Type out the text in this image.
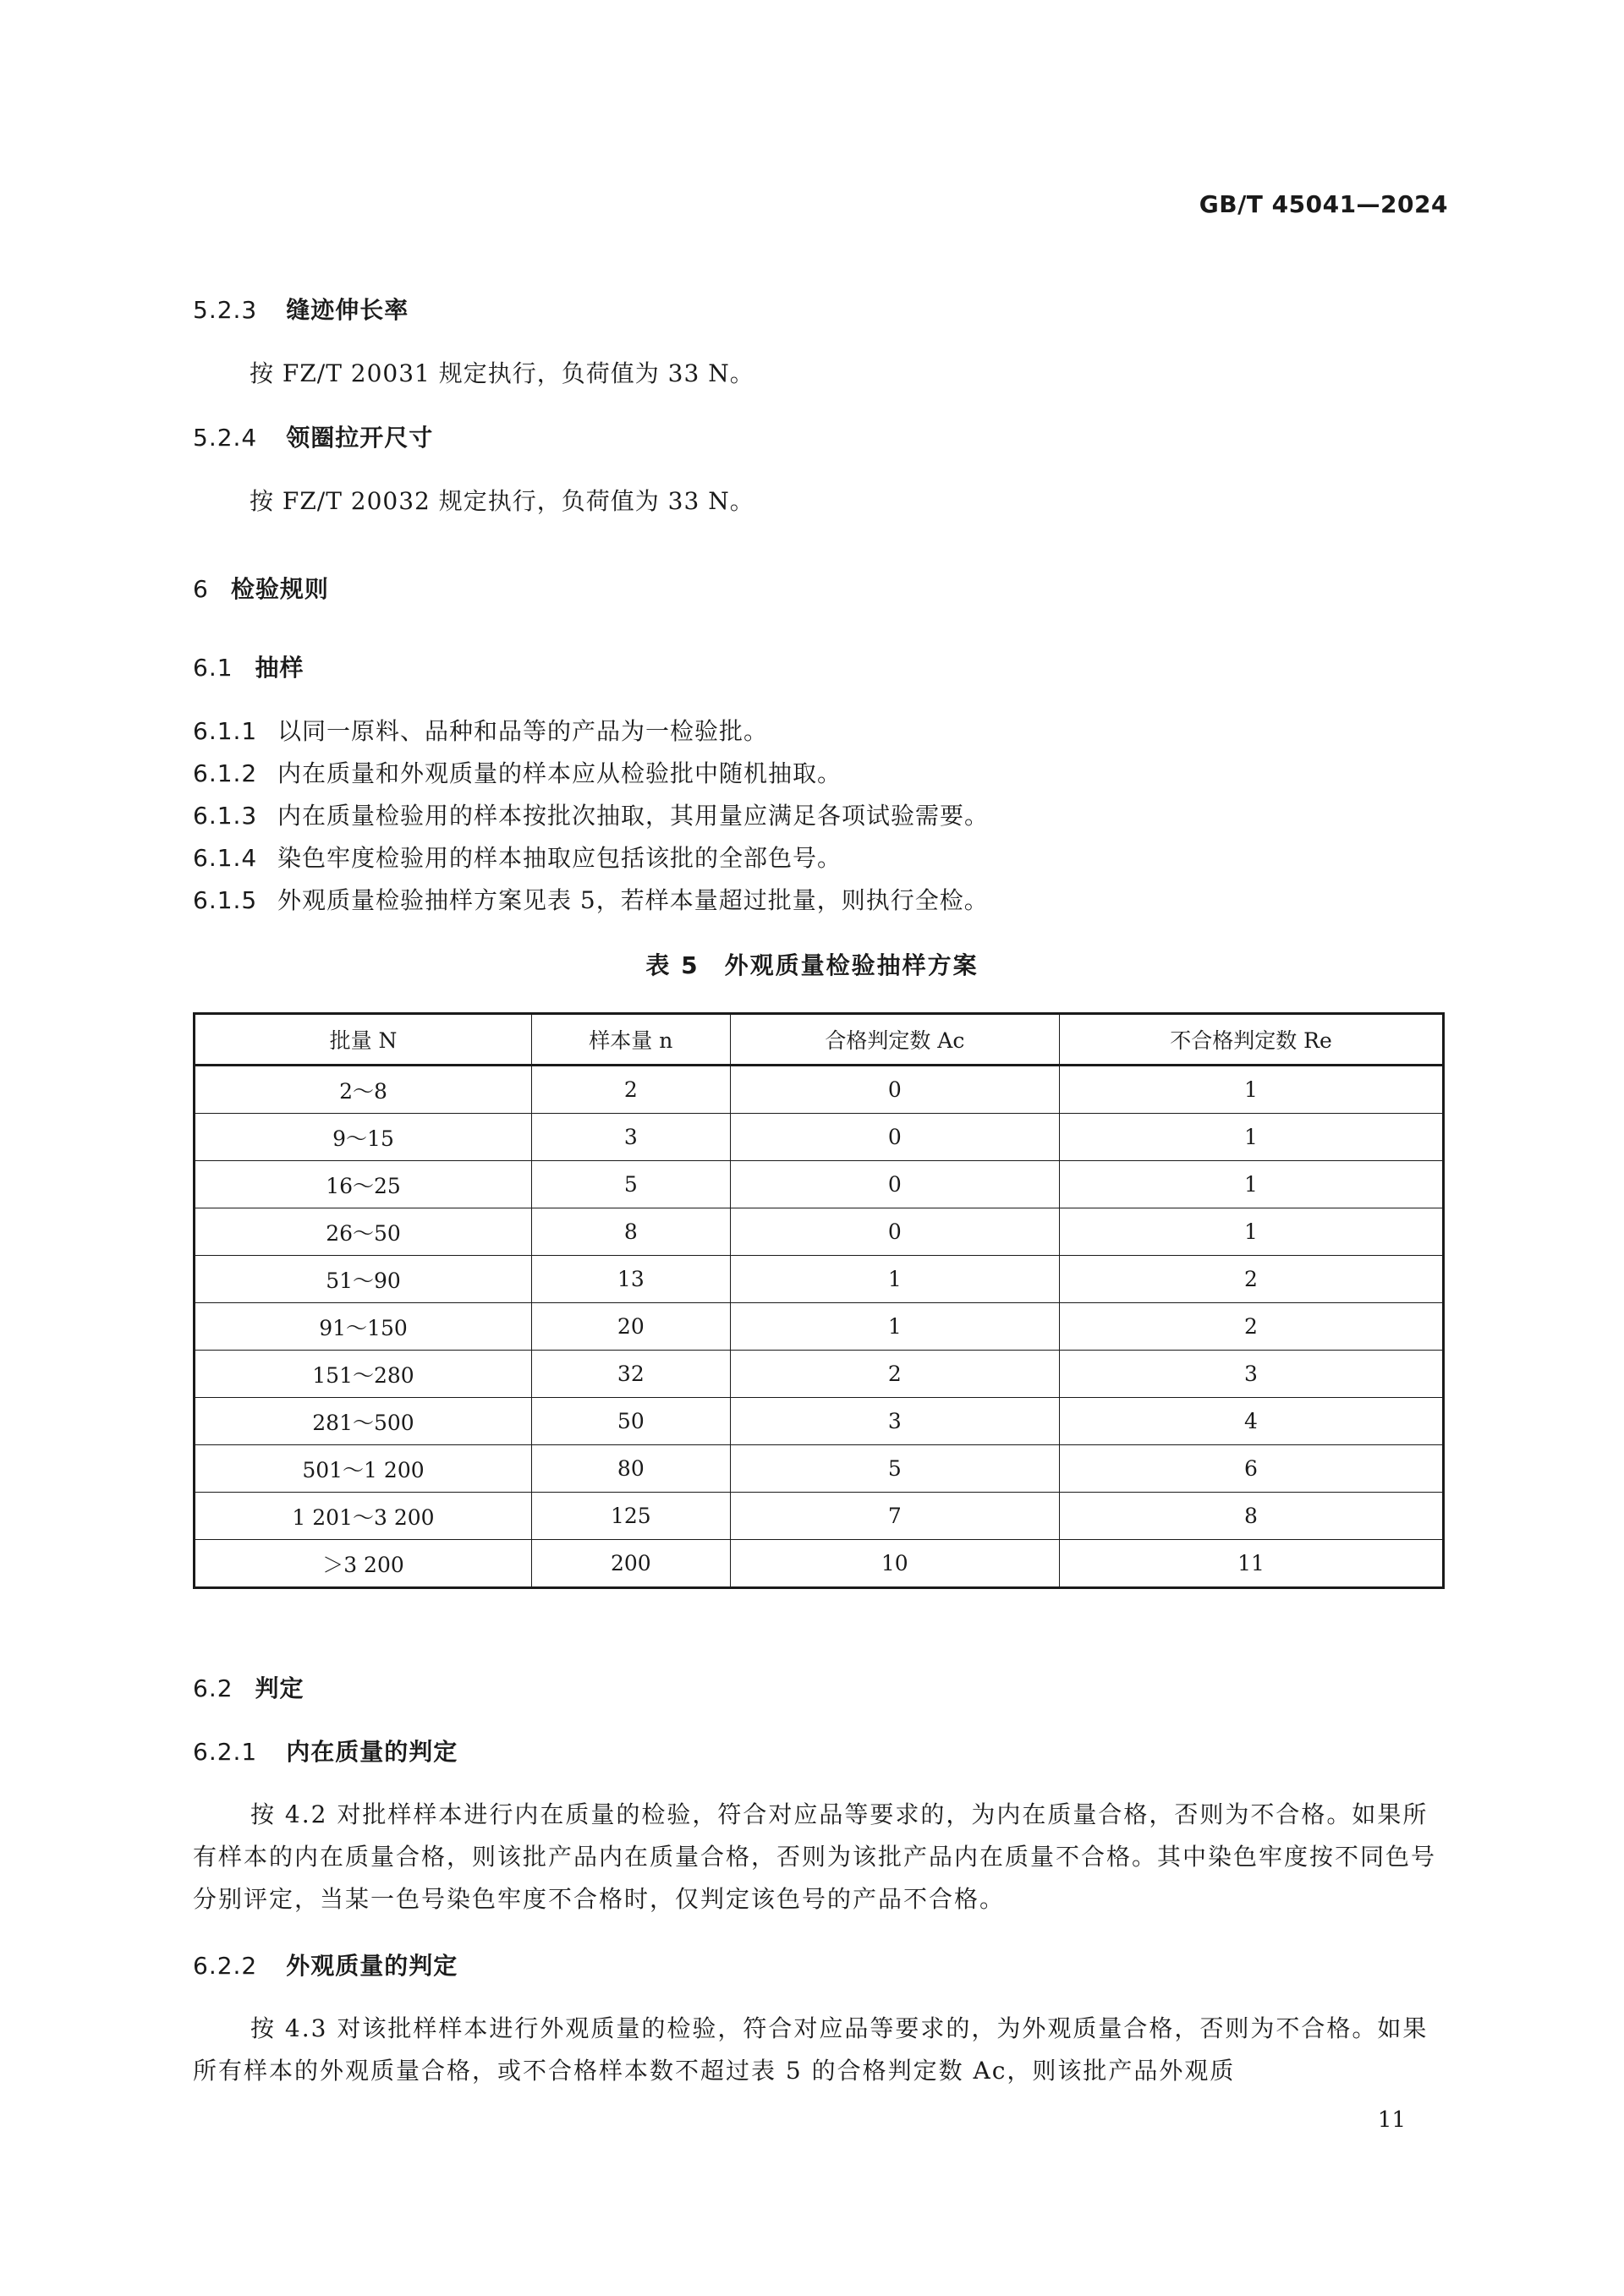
GB/T 45041—2024
5.2.3 缝迹伸长率
按 FZ/T 20031 规定执行，负荷值为 33 N。
5.2.4 领圈拉开尺寸
按 FZ/T 20032 规定执行，负荷值为 33 N。
6 检验规则
6.1 抽样
6.1.1 以同一原料、品种和品等的产品为一检验批。
6.1.2 内在质量和外观质量的样本应从检验批中随机抽取。
6.1.3 内在质量检验用的样本按批次抽取，其用量应满足各项试验需要。
6.1.4 染色牢度检验用的样本抽取应包括该批的全部色号。
6.1.5 外观质量检验抽样方案见表 5，若样本量超过批量，则执行全检。
表 5 外观质量检验抽样方案
批量 N	样本量 n	合格判定数 Ac	不合格判定数 Re
2～8	2	0	1
9～15	3	0	1
16～25	5	0	1
26～50	8	0	1
51～90	13	1	2
91～150	20	1	2
151～280	32	2	3
281～500	50	3	4
501～1 200	80	5	6
1 201～3 200	125	7	8
＞3 200	200	10	11
6.2 判定
6.2.1 内在质量的判定
按 4.2 对批样样本进行内在质量的检验，符合对应品等要求的，为内在质量合格，否则为不合格。如果所有样本的内在质量合格，则该批产品内在质量合格，否则为该批产品内在质量不合格。其中染色牢度按不同色号分别评定，当某一色号染色牢度不合格时，仅判定该色号的产品不合格。
6.2.2 外观质量的判定
按 4.3 对该批样样本进行外观质量的检验，符合对应品等要求的，为外观质量合格，否则为不合格。如果所有样本的外观质量合格，或不合格样本数不超过表 5 的合格判定数 Ac，则该批产品外观质
11
